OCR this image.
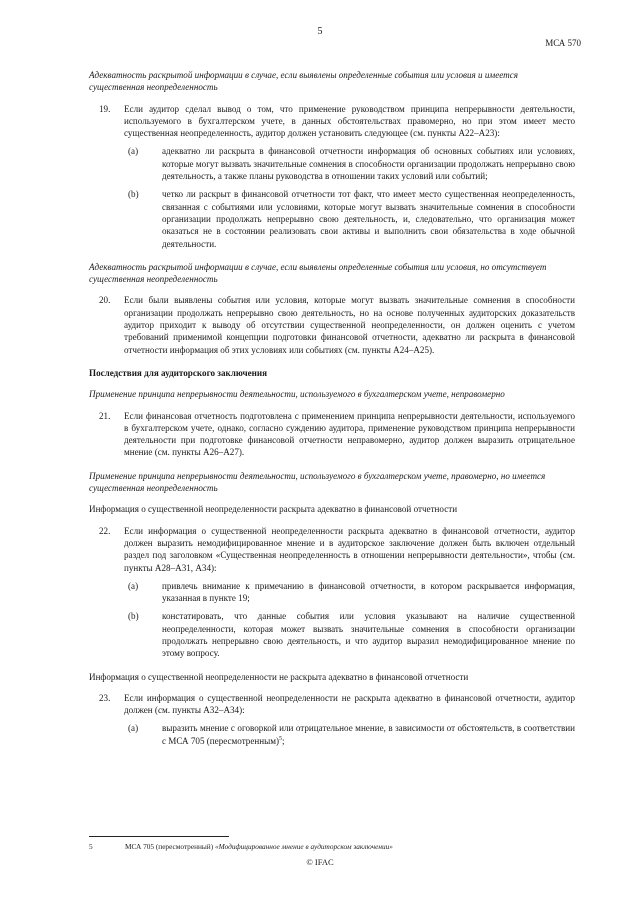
5
МСА 570

Адекватность раскрытой информации в случае, если выявлены определенные события или условия и имеется существенная неопределенность

19.	Если аудитор сделал вывод о том, что применение руководством принципа непрерывности деятельности, используемого в бухгалтерском учете, в данных обстоятельствах правомерно, но при этом имеет место существенная неопределенность, аудитор должен установить следующее (см. пункты А22–А23):
(a)	адекватно ли раскрыта в финансовой отчетности информация об основных событиях или условиях, которые могут вызвать значительные сомнения в способности организации продолжать непрерывно свою деятельность, а также планы руководства в отношении таких условий или событий;
(b)	четко ли раскрыт в финансовой отчетности тот факт, что имеет место существенная неопределенность, связанная с событиями или условиями, которые могут вызвать значительные сомнения в способности организации продолжать непрерывно свою деятельность, и, следовательно, что организация может оказаться не в состоянии реализовать свои активы и выполнить свои обязательства в ходе обычной деятельности.

Адекватность раскрытой информации в случае, если выявлены определенные события или условия, но отсутствует существенная неопределенность

20.	Если были выявлены события или условия, которые могут вызвать значительные сомнения в способности организации продолжать непрерывно свою деятельность, но на основе полученных аудиторских доказательств аудитор приходит к выводу об отсутствии существенной неопределенности, он должен оценить с учетом требований применимой концепции подготовки финансовой отчетности, адекватно ли раскрыта в финансовой отчетности информация об этих условиях или событиях (см. пункты А24–А25).

Последствия для аудиторского заключения

Применение принципа непрерывности деятельности, используемого в бухгалтерском учете, неправомерно

21.	Если финансовая отчетность подготовлена с применением принципа непрерывности деятельности, используемого в бухгалтерском учете, однако, согласно суждению аудитора, применение руководством принципа непрерывности деятельности при подготовке финансовой отчетности неправомерно, аудитор должен выразить отрицательное мнение (см. пункты А26–А27).

Применение принципа непрерывности деятельности, используемого в бухгалтерском учете, правомерно, но имеется существенная неопределенность

Информация о существенной неопределенности раскрыта адекватно в финансовой отчетности

22.	Если информация о существенной неопределенности раскрыта адекватно в финансовой отчетности, аудитор должен выразить немодифицированное мнение и в аудиторское заключение должен быть включен отдельный раздел под заголовком «Существенная неопределенность в отношении непрерывности деятельности», чтобы (см. пункты А28–А31, А34):
(a)	привлечь внимание к примечанию в финансовой отчетности, в котором раскрывается информация, указанная в пункте 19;
(b)	констатировать, что данные события или условия указывают на наличие существенной неопределенности, которая может вызвать значительные сомнения в способности организации продолжать непрерывно свою деятельность, и что аудитор выразил немодифицированное мнение по этому вопросу.

Информация о существенной неопределенности не раскрыта адекватно в финансовой отчетности

23.	Если информация о существенной неопределенности не раскрыта адекватно в финансовой отчетности, аудитор должен (см. пункты А32–А34):
(a)	выразить мнение с оговоркой или отрицательное мнение, в зависимости от обстоятельств, в соответствии с МСА 705 (пересмотренным)$^5$;
5	МСА 705 (пересмотренный) «Модифицированное мнение в аудиторском заключении»
© IFAC
